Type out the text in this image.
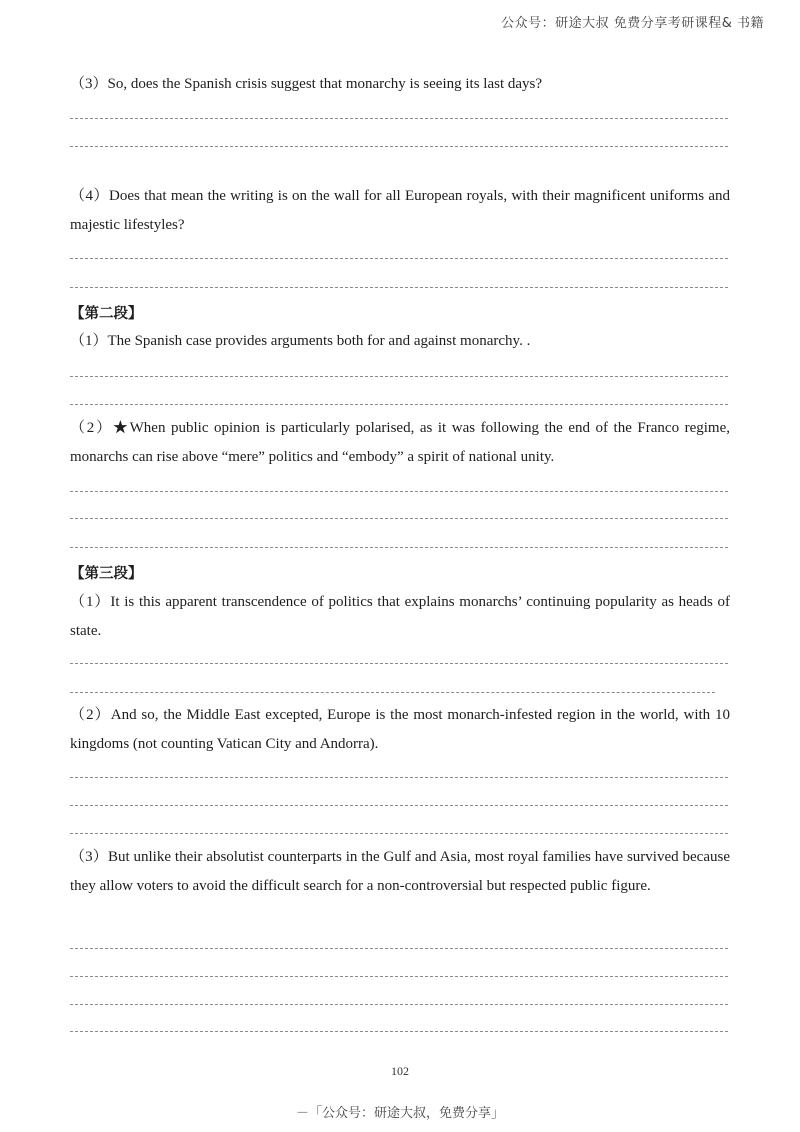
公众号：研途大叔 免费分享考研课程& 书籍
（3）So, does the Spanish crisis suggest that monarchy is seeing its last days?
（4）Does that mean the writing is on the wall for all European royals, with their magnificent uniforms and majestic lifestyles?
【第二段】
（1）The Spanish case provides arguments both for and against monarchy. .
（2）★When public opinion is particularly polarised, as it was following the end of the Franco regime, monarchs can rise above “mere” politics and “embody” a spirit of national unity.
【第三段】
（1）It is this apparent transcendence of politics that explains monarchs’ continuing popularity as heads of state.
（2）And so, the Middle East excepted, Europe is the most monarch-infested region in the world, with 10 kingdoms (not counting Vatican City and Andorra).
（3）But unlike their absolutist counterparts in the Gulf and Asia, most royal families have survived because they allow voters to avoid the difficult search for a non-controversial but respected public figure.
102
－「公众号：研途大叔，免费分享」
